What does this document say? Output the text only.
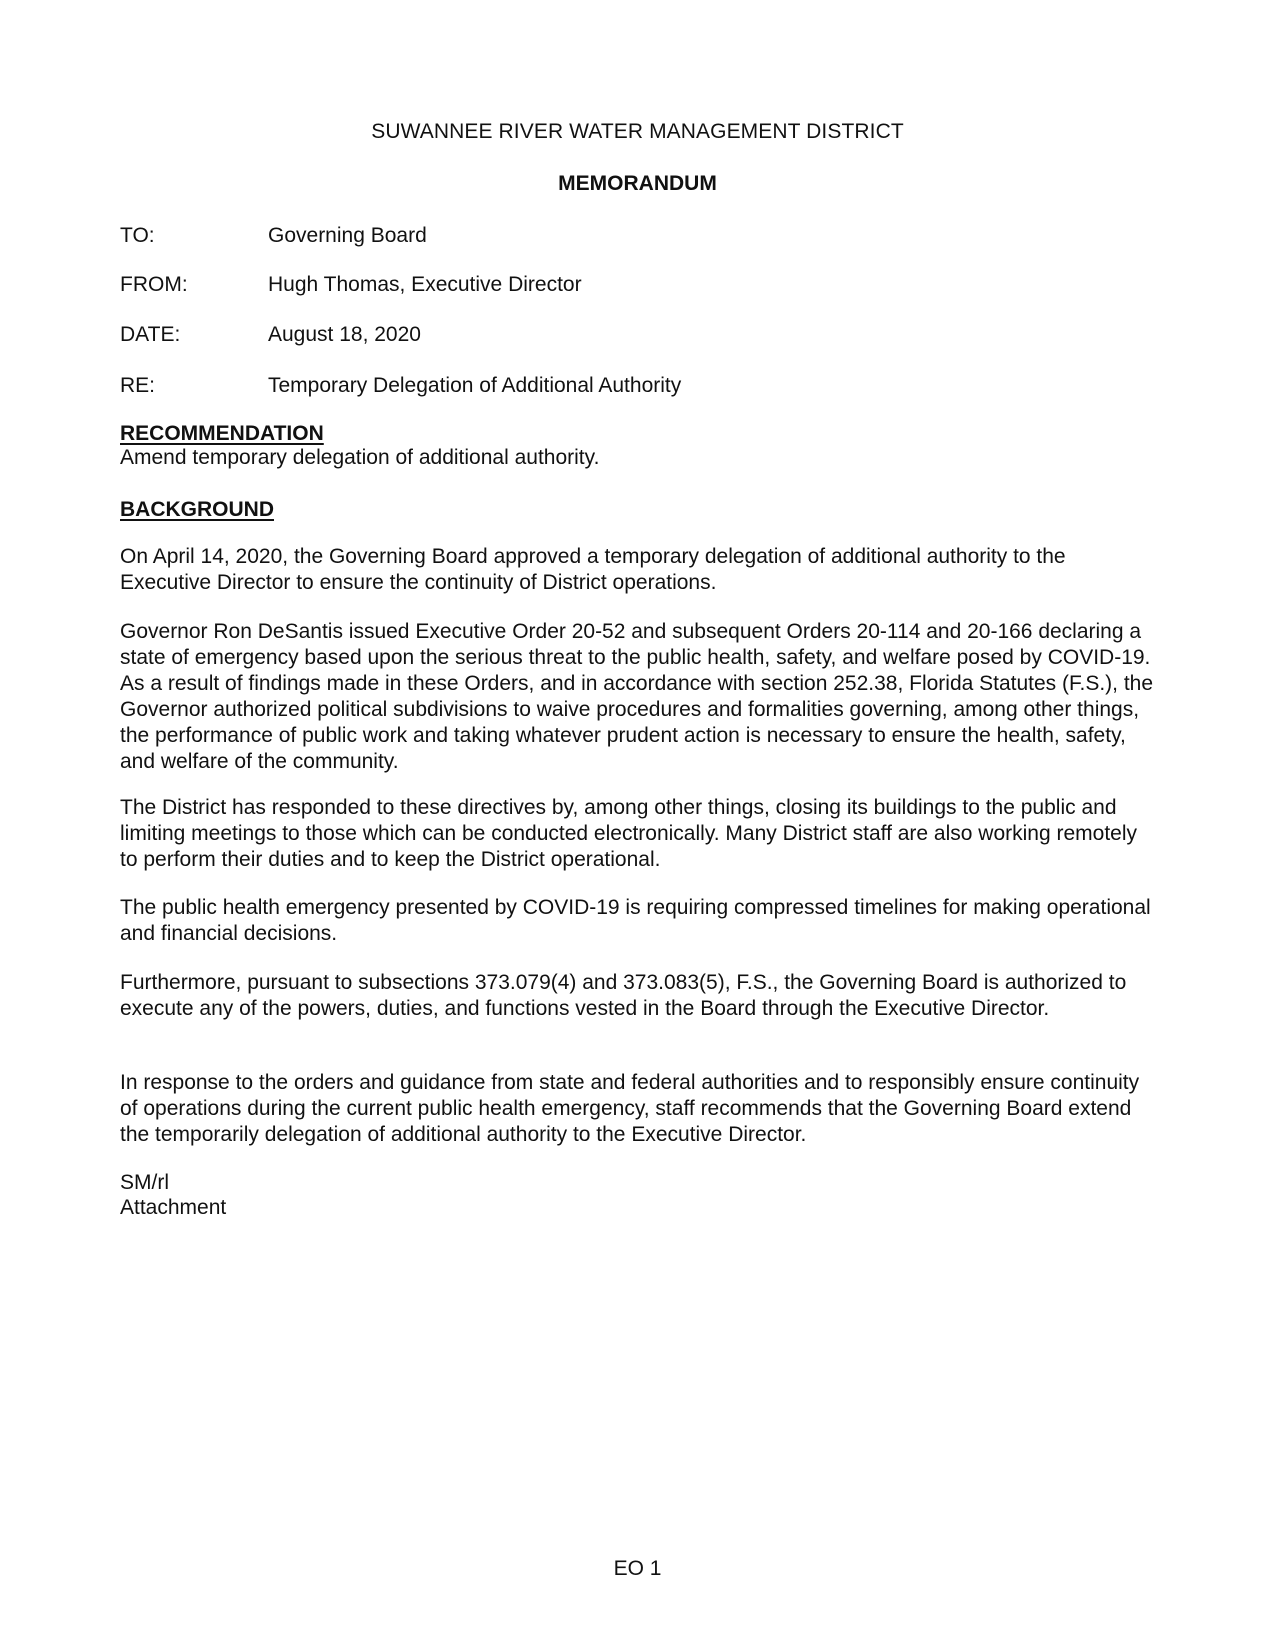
SUWANNEE RIVER WATER MANAGEMENT DISTRICT
MEMORANDUM
TO:	Governing Board
FROM:	Hugh Thomas, Executive Director
DATE:	August 18, 2020
RE:	Temporary Delegation of Additional Authority
RECOMMENDATION
Amend temporary delegation of additional authority.
BACKGROUND
On April 14, 2020, the Governing Board approved a temporary delegation of additional authority to the Executive Director to ensure the continuity of District operations.
Governor Ron DeSantis issued Executive Order 20-52 and subsequent Orders 20-114 and 20-166 declaring a state of emergency based upon the serious threat to the public health, safety, and welfare posed by COVID-19. As a result of findings made in these Orders, and in accordance with section 252.38, Florida Statutes (F.S.), the Governor authorized political subdivisions to waive procedures and formalities governing, among other things, the performance of public work and taking whatever prudent action is necessary to ensure the health, safety, and welfare of the community.
The District has responded to these directives by, among other things, closing its buildings to the public and limiting meetings to those which can be conducted electronically. Many District staff are also working remotely to perform their duties and to keep the District operational.
The public health emergency presented by COVID-19 is requiring compressed timelines for making operational and financial decisions.
Furthermore, pursuant to subsections 373.079(4) and 373.083(5), F.S., the Governing Board is authorized to execute any of the powers, duties, and functions vested in the Board through the Executive Director.
In response to the orders and guidance from state and federal authorities and to responsibly ensure continuity of operations during the current public health emergency, staff recommends that the Governing Board extend the temporarily delegation of additional authority to the Executive Director.
SM/rl
Attachment
EO 1
